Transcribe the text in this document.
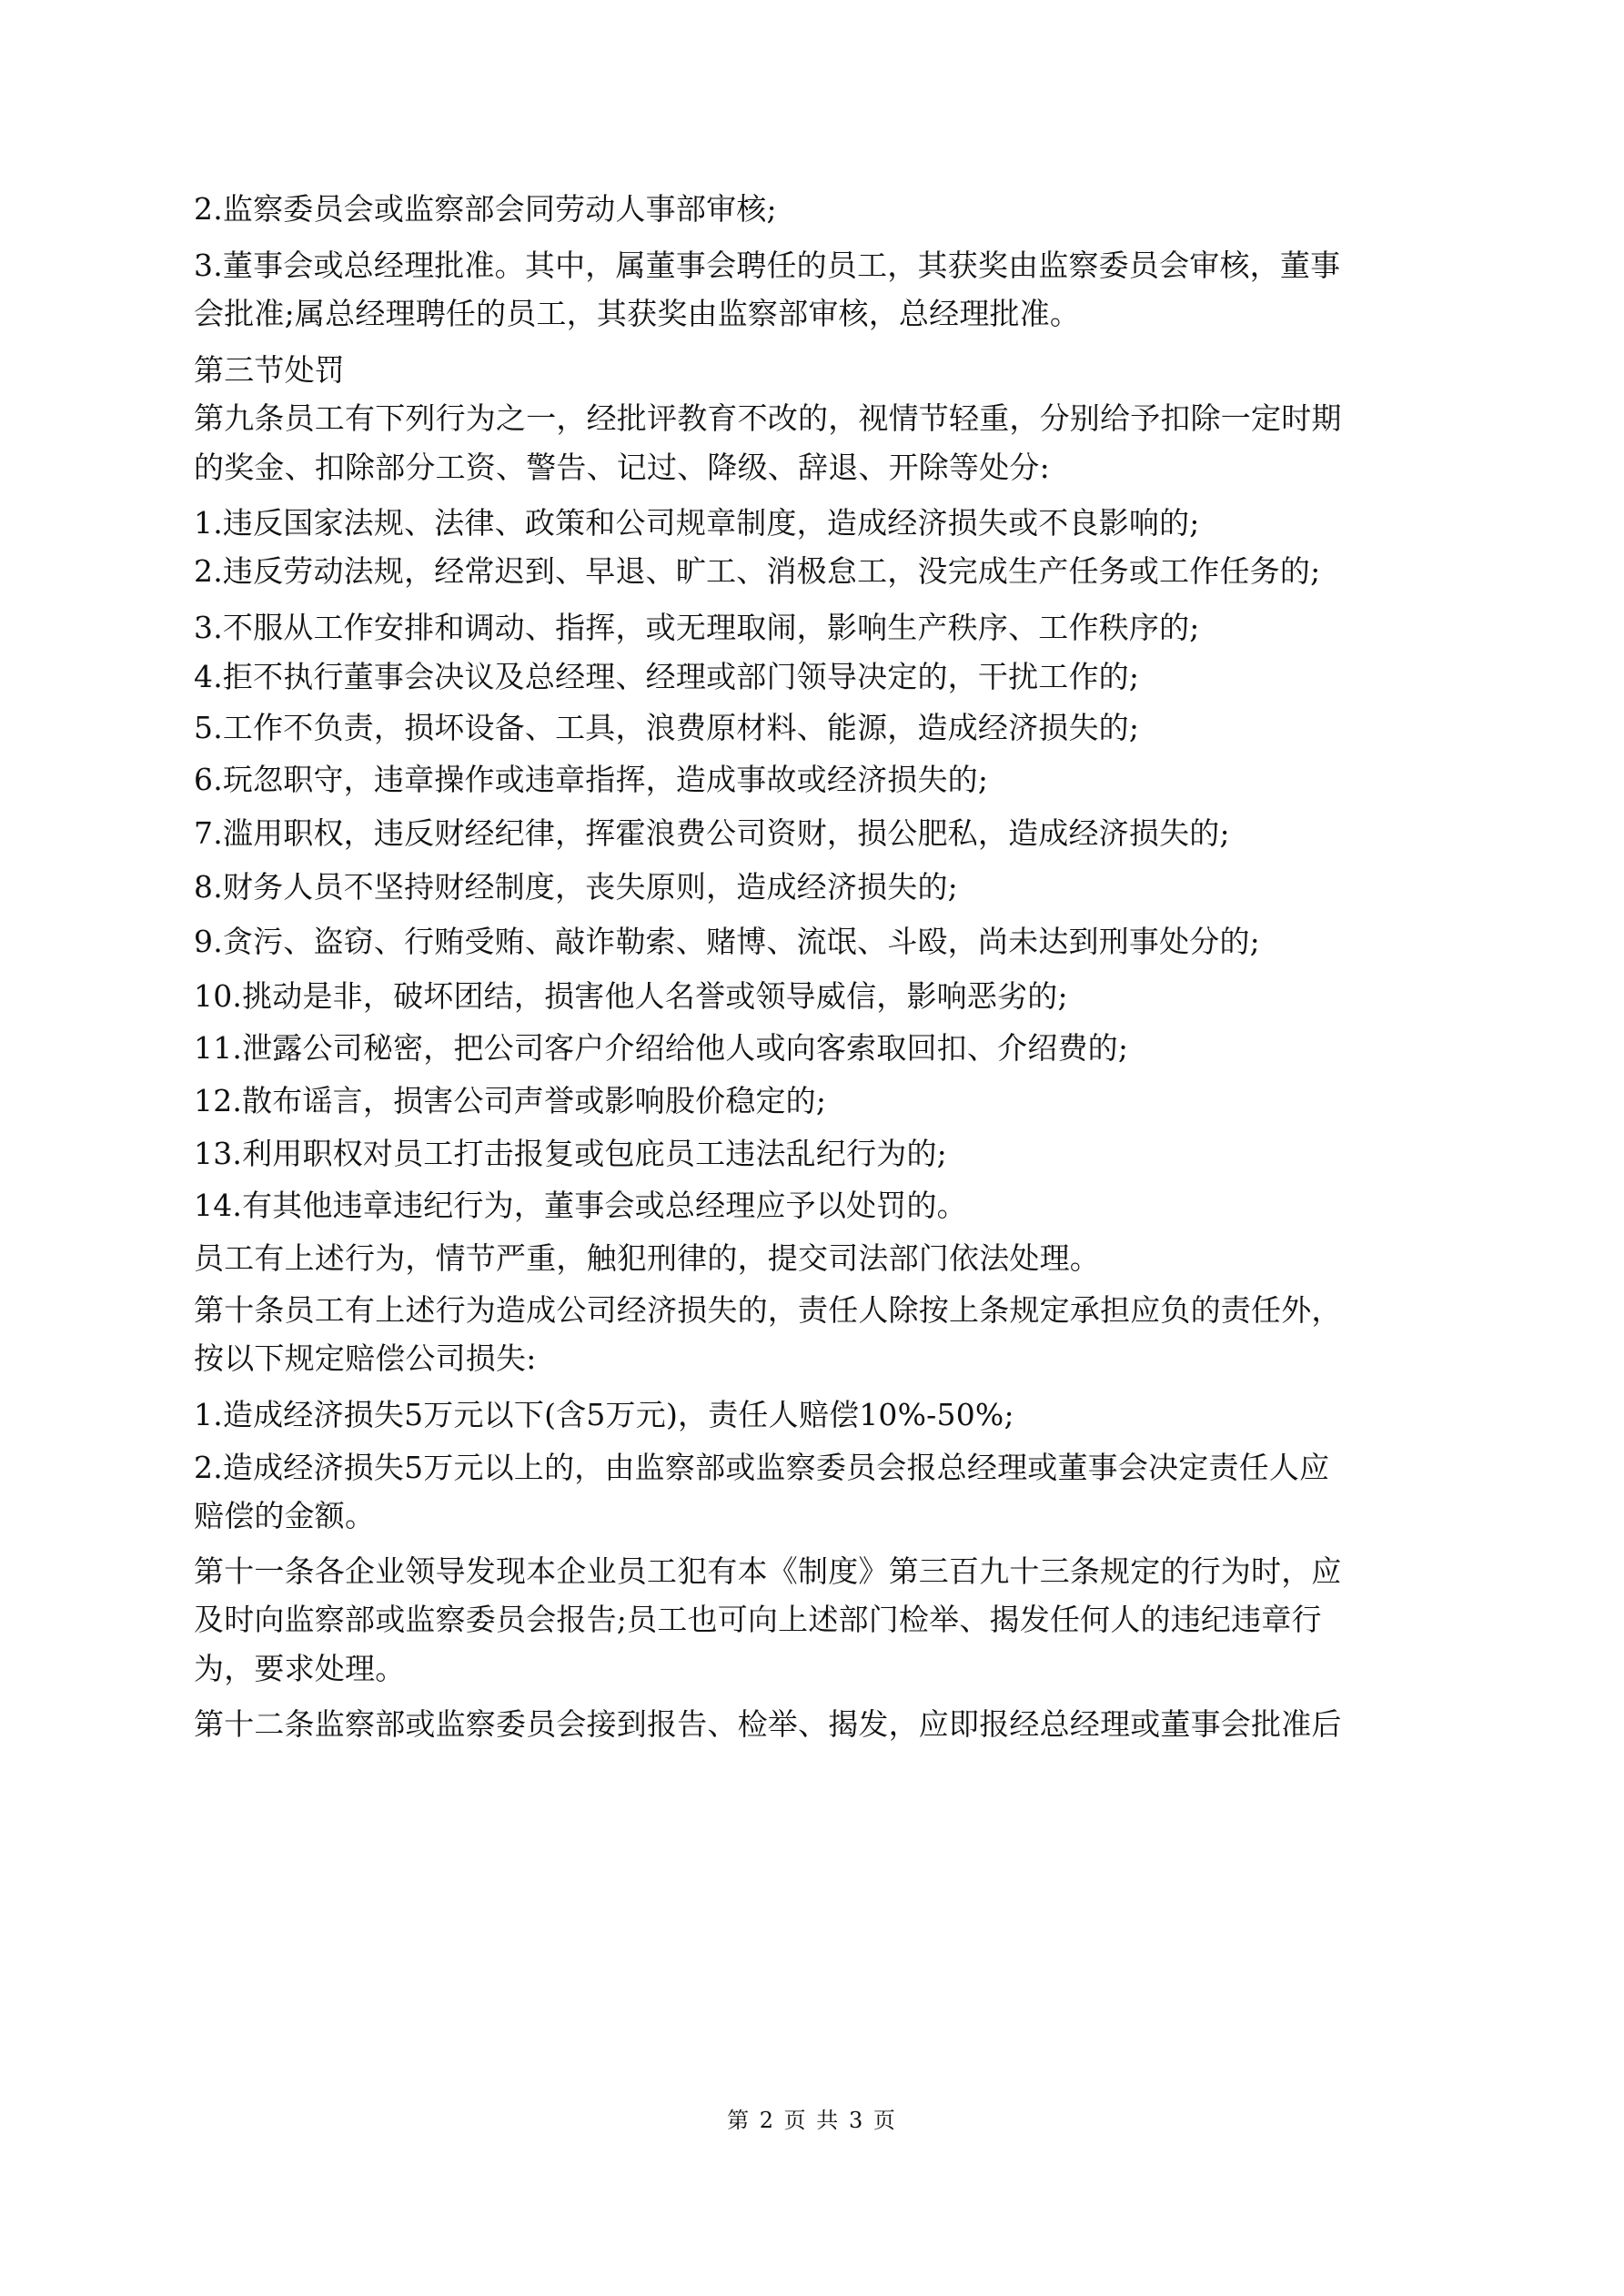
2.监察委员会或监察部会同劳动人事部审核;

3.董事会或总经理批准。其中，属董事会聘任的员工，其获奖由监察委员会审核，董事

会批准;属总经理聘任的员工，其获奖由监察部审核，总经理批准。

第三节处罚

第九条员工有下列行为之一，经批评教育不改的，视情节轻重，分别给予扣除一定时期

的奖金、扣除部分工资、警告、记过、降级、辞退、开除等处分:

1.违反国家法规、法律、政策和公司规章制度，造成经济损失或不良影响的;

2.违反劳动法规，经常迟到、早退、旷工、消极怠工，没完成生产任务或工作任务的;

3.不服从工作安排和调动、指挥，或无理取闹，影响生产秩序、工作秩序的;

4.拒不执行董事会决议及总经理、经理或部门领导决定的，干扰工作的;

5.工作不负责，损坏设备、工具，浪费原材料、能源，造成经济损失的;

6.玩忽职守，违章操作或违章指挥，造成事故或经济损失的;

7.滥用职权，违反财经纪律，挥霍浪费公司资财，损公肥私，造成经济损失的;

8.财务人员不坚持财经制度，丧失原则，造成经济损失的;

9.贪污、盗窃、行贿受贿、敲诈勒索、赌博、流氓、斗殴，尚未达到刑事处分的;

10.挑动是非，破坏团结，损害他人名誉或领导威信，影响恶劣的;

11.泄露公司秘密，把公司客户介绍给他人或向客索取回扣、介绍费的;

12.散布谣言，损害公司声誉或影响股价稳定的;

13.利用职权对员工打击报复或包庇员工违法乱纪行为的;

14.有其他违章违纪行为，董事会或总经理应予以处罚的。

员工有上述行为，情节严重，触犯刑律的，提交司法部门依法处理。

第十条员工有上述行为造成公司经济损失的，责任人除按上条规定承担应负的责任外，

按以下规定赔偿公司损失:

1.造成经济损失5万元以下(含5万元)，责任人赔偿10%-50%;

2.造成经济损失5万元以上的，由监察部或监察委员会报总经理或董事会决定责任人应

赔偿的金额。

第十一条各企业领导发现本企业员工犯有本《制度》第三百九十三条规定的行为时，应

及时向监察部或监察委员会报告;员工也可向上述部门检举、揭发任何人的违纪违章行

为，要求处理。

第十二条监察部或监察委员会接到报告、检举、揭发，应即报经总经理或董事会批准后

第 2 页 共 3 页
